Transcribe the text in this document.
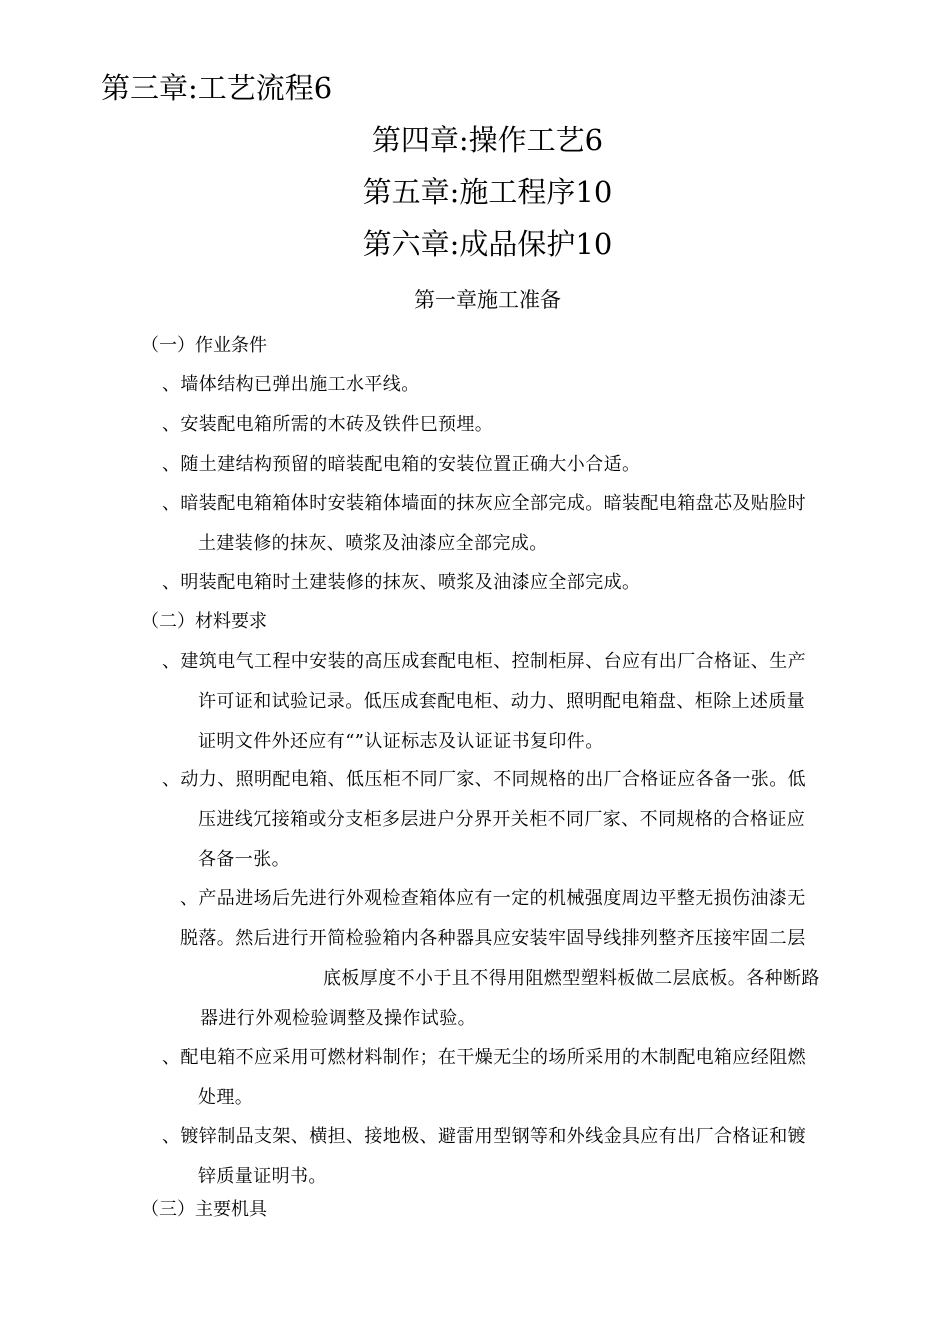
第三章:工艺流程6
第四章:操作工艺6
第五章:施工程序10
第六章:成品保护10
第一章施工准备
（一）作业条件

、墙体结构已弹出施工水平线。

、安装配电箱所需的木砖及铁件巳预埋。

、随土建结构预留的暗装配电箱的安装位置正确大小合适。

、暗装配电箱箱体时安装箱体墙面的抹灰应全部完成。暗装配电箱盘芯及贴脸时
土建装修的抹灰、喷浆及油漆应全部完成。

、明装配电箱时土建装修的抹灰、喷浆及油漆应全部完成。

（二）材料要求

、建筑电气工程中安装的高压成套配电柜、控制柜屏、台应有出厂合格证、生产
许可证和试验记录。低压成套配电柜、动力、照明配电箱盘、柜除上述质量
证明文件外还应有“”认证标志及认证证书复印件。

、动力、照明配电箱、低压柜不同厂家、不同规格的出厂合格证应各备一张。低
压进线冗接箱或分支柜多层进户分界开关柜不同厂家、不同规格的合格证应
各备一张。

、产品进场后先进行外观检查箱体应有一定的机械强度周边平整无损伤油漆无
脱落。然后进行开简检验箱内各种器具应安装牢固导线排列整齐压接牢固二层
底板厚度不小于且不得用阻燃型塑料板做二层底板。各种断路
器进行外观检验调整及操作试验。

、配电箱不应采用可燃材料制作；在干燥无尘的场所采用的木制配电箱应经阻燃
处理。

、镀锌制品支架、横担、接地极、避雷用型钢等和外线金具应有出厂合格证和镀
锌质量证明书。

（三）主要机具
